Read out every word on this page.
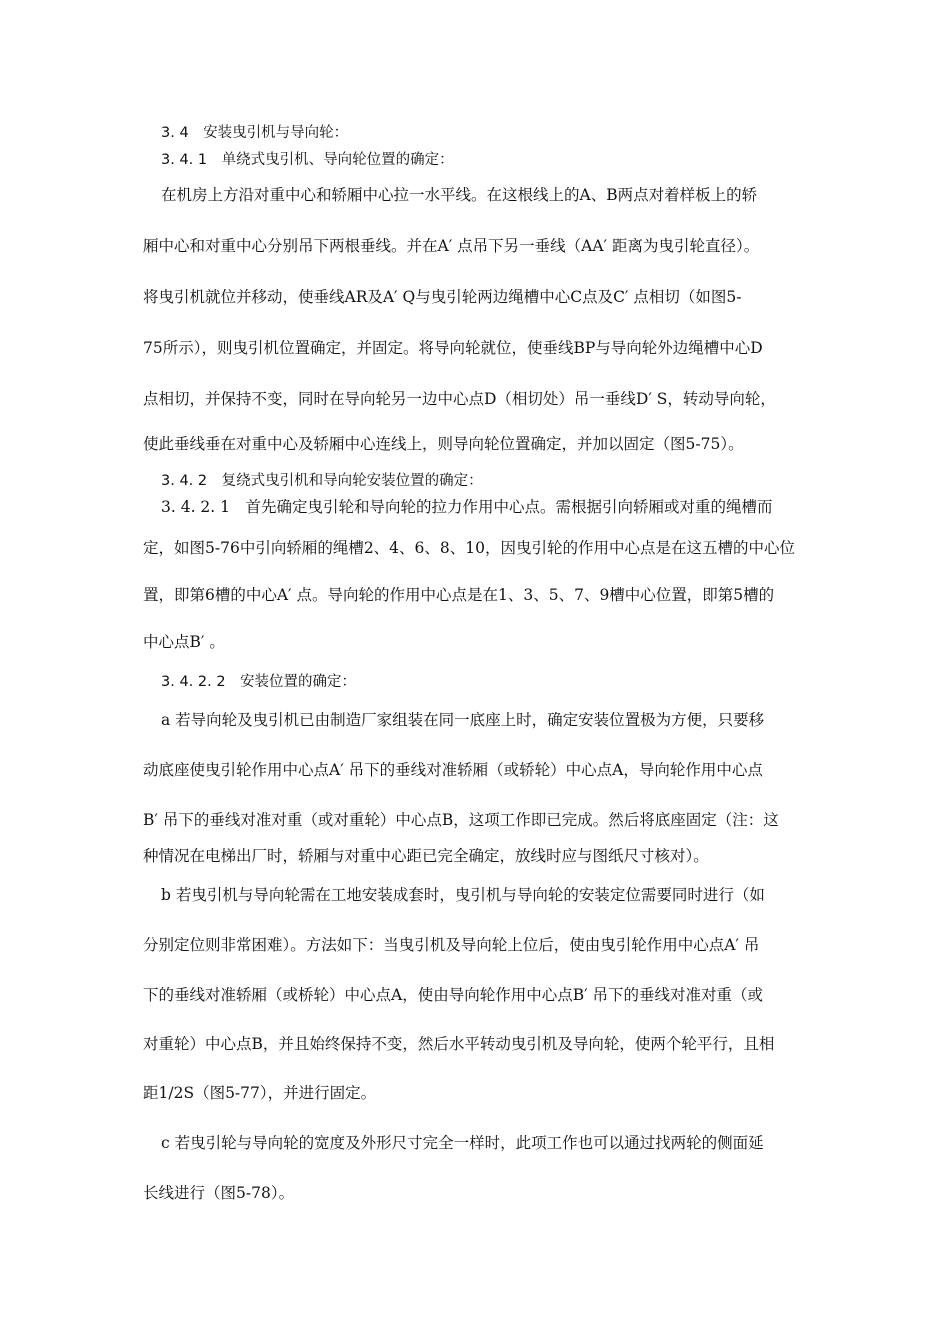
3. 4　安装曳引机与导向轮：
3. 4. 1　单绕式曳引机、导向轮位置的确定：
在机房上方沿对重中心和轿厢中心拉一水平线。在这根线上的A、B两点对着样板上的轿
厢中心和对重中心分别吊下两根垂线。并在A′ 点吊下另一垂线（AA′ 距离为曳引轮直径）。
将曳引机就位并移动，使垂线AR及A′ Q与曳引轮两边绳槽中心C点及C′ 点相切（如图5-
75所示），则曳引机位置确定，并固定。将导向轮就位，使垂线BP与导向轮外边绳槽中心D
点相切，并保持不变，同时在导向轮另一边中心点D（相切处）吊一垂线D′ S，转动导向轮，
使此垂线垂在对重中心及轿厢中心连线上，则导向轮位置确定，并加以固定（图5-75）。
3. 4. 2　复绕式曳引机和导向轮安装位置的确定：
3. 4. 2. 1　首先确定曳引轮和导向轮的拉力作用中心点。需根据引向轿厢或对重的绳槽而
定，如图5-76中引向轿厢的绳槽2、4、6、8、10，因曳引轮的作用中心点是在这五槽的中心位
置，即第6槽的中心A′ 点。导向轮的作用中心点是在1、3、5、7、9槽中心位置，即第5槽的
中心点B′ 。
3. 4. 2. 2　安装位置的确定：
a 若导向轮及曳引机已由制造厂家组装在同一底座上时，确定安装位置极为方便，只要移
动底座使曳引轮作用中心点A′ 吊下的垂线对准轿厢（或轿轮）中心点A，导向轮作用中心点
B′ 吊下的垂线对准对重（或对重轮）中心点B，这项工作即已完成。然后将底座固定（注：这
种情况在电梯出厂时，轿厢与对重中心距已完全确定，放线时应与图纸尺寸核对）。
b 若曳引机与导向轮需在工地安装成套时，曳引机与导向轮的安装定位需要同时进行（如
分别定位则非常困难）。方法如下：当曳引机及导向轮上位后，使由曳引轮作用中心点A′ 吊
下的垂线对准轿厢（或桥轮）中心点A，使由导向轮作用中心点B′ 吊下的垂线对准对重（或
对重轮）中心点B，并且始终保持不变，然后水平转动曳引机及导向轮，使两个轮平行，且相
距1/2S（图5-77），并进行固定。
c 若曳引轮与导向轮的宽度及外形尺寸完全一样时，此项工作也可以通过找两轮的侧面延
长线进行（图5-78）。
